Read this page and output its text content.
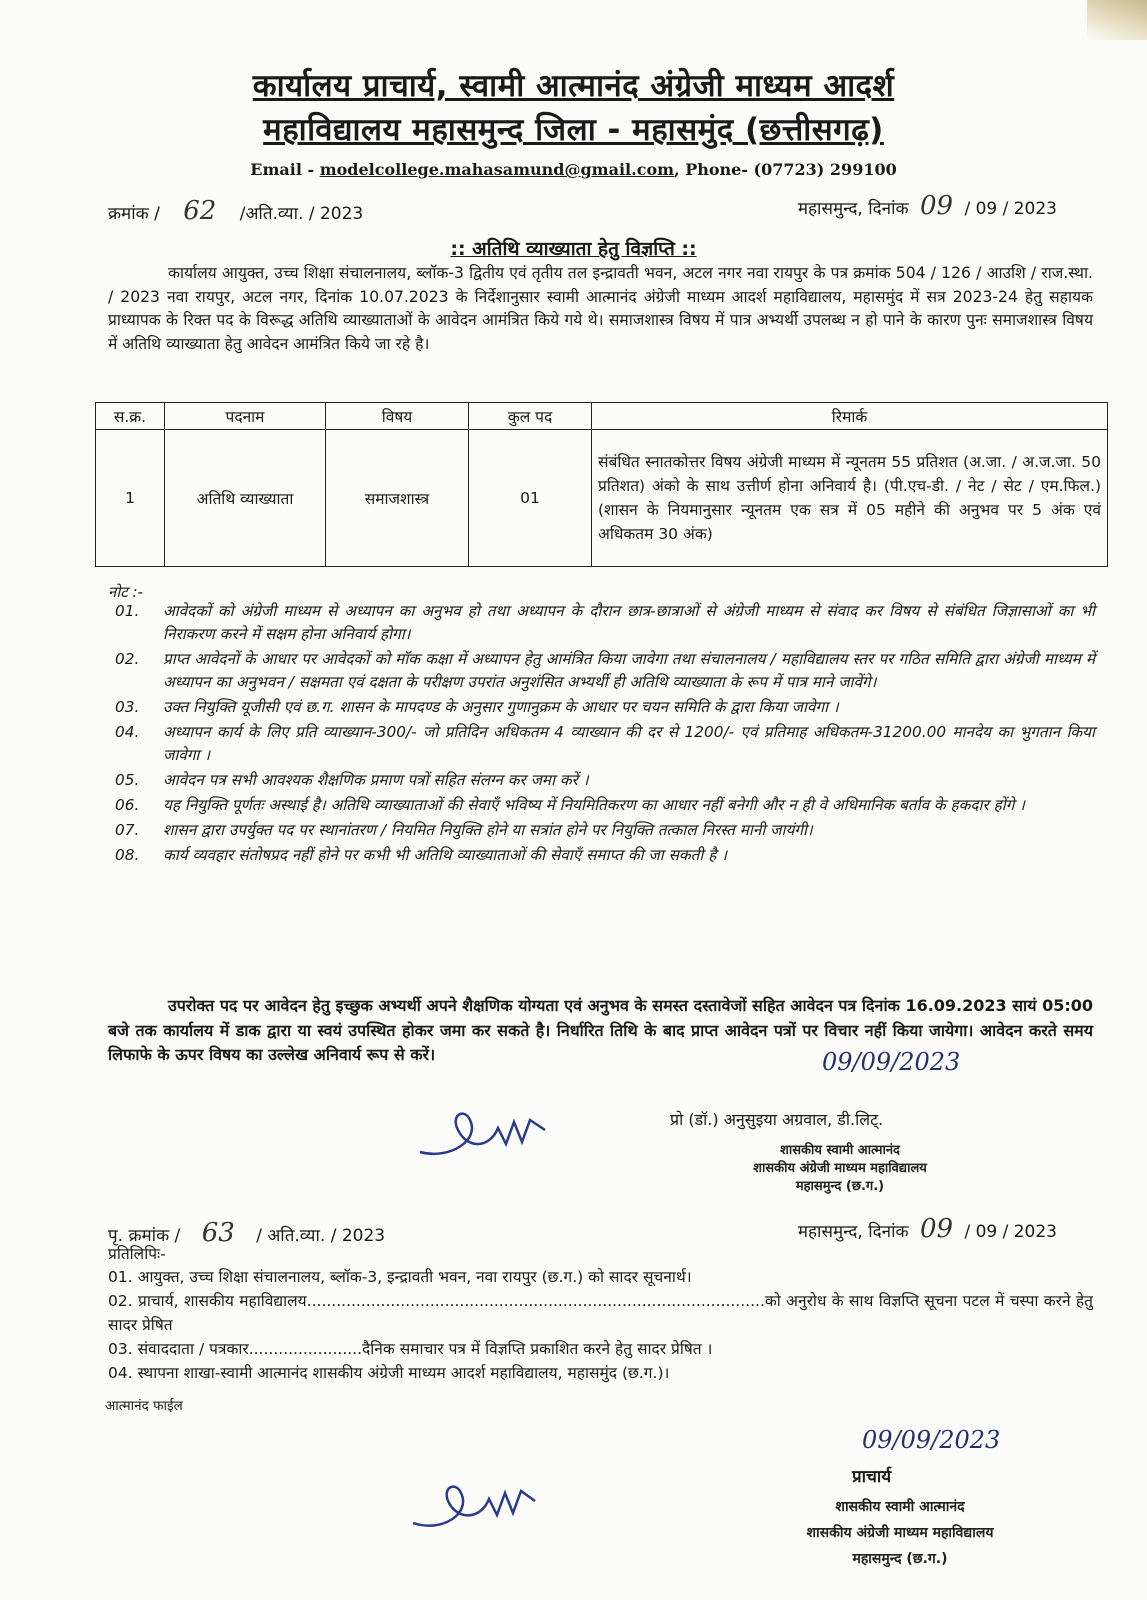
कार्यालय प्राचार्य, स्वामी आत्मानंद अंग्रेजी माध्यम आदर्श
महाविद्यालय महासमुन्द जिला - महासमुंद (छत्तीसगढ़)
Email - modelcollege.mahasamund@gmail.com, Phone- (07723) 299100
क्रमांक / 62 /अति.व्या. / 2023	महासमुन्द, दिनांक 09 / 09 / 2023
:: अतिथि व्याख्याता हेतु विज्ञप्ति ::
कार्यालय आयुक्त, उच्च शिक्षा संचालनालय, ब्लॉक-3 द्वितीय एवं तृतीय तल इन्द्रावती भवन, अटल नगर नवा रायपुर के पत्र क्रमांक 504 / 126 / आउशि / राज.स्था. / 2023 नवा रायपुर, अटल नगर, दिनांक 10.07.2023 के निर्देशानुसार स्वामी आत्मानंद अंग्रेजी माध्यम आदर्श महाविद्यालय, महासमुंद में सत्र 2023-24 हेतु सहायक प्राध्यापक के रिक्त पद के विरूद्ध अतिथि व्याख्याताओं के आवेदन आमंत्रित किये गये थे। समाजशास्त्र विषय में पात्र अभ्यर्थी उपलब्ध न हो पाने के कारण पुनः समाजशास्त्र विषय में अतिथि व्याख्याता हेतु आवेदन आमंत्रित किये जा रहे है।
स.क्र.	पदनाम	विषय	कुल पद	रिमार्क
1	अतिथि व्याख्याता	समाजशास्त्र	01	संबंधित स्नातकोत्तर विषय अंग्रेजी माध्यम में न्यूनतम 55 प्रतिशत (अ.जा. / अ.ज.जा. 50 प्रतिशत) अंको के साथ उत्तीर्ण होना अनिवार्य है। (पी.एच-डी. / नेट / सेट / एम.फिल.) (शासन के नियमानुसार न्यूनतम एक सत्र में 05 महीने की अनुभव पर 5 अंक एवं अधिकतम 30 अंक)
नोट :-
01.	आवेदकों को अंग्रेजी माध्यम से अध्यापन का अनुभव हो तथा अध्यापन के दौरान छात्र-छात्राओं से अंग्रेजी माध्यम से संवाद कर विषय से संबंधित जिज्ञासाओं का भी निराकरण करने में सक्षम होना अनिवार्य होगा।
02.	प्राप्त आवेदनों के आधार पर आवेदकों को मॉक कक्षा में अध्यापन हेतु आमंत्रित किया जावेगा तथा संचालनालय / महाविद्यालय स्तर पर गठित समिति द्वारा अंग्रेजी माध्यम में अध्यापन का अनुभवन / सक्षमता एवं दक्षता के परीक्षण उपरांत अनुशंसित अभ्यर्थी ही अतिथि व्याख्याता के रूप में पात्र माने जावेंगे।
03.	उक्त नियुक्ति यूजीसी एवं छ.ग. शासन के मापदण्ड के अनुसार गुणानुक्रम के आधार पर चयन समिति के द्वारा किया जावेगा ।
04.	अध्यापन कार्य के लिए प्रति व्याख्यान-300/- जो प्रतिदिन अधिकतम 4 व्याख्यान की दर से 1200/- एवं प्रतिमाह अधिकतम-31200.00 मानदेय का भुगतान किया जावेगा ।
05.	आवेदन पत्र सभी आवश्यक शैक्षणिक प्रमाण पत्रों सहित संलग्न कर जमा करें ।
06.	यह नियुक्ति पूर्णतः अस्थाई है। अतिथि व्याख्याताओं की सेवाएँ भविष्य में नियमितिकरण का आधार नहीं बनेगी और न ही वे अधिमानिक बर्ताव के हकदार होंगे ।
07.	शासन द्वारा उपर्युक्त पद पर स्थानांतरण / नियमित नियुक्ति होने या सत्रांत होने पर नियुक्ति तत्काल निरस्त मानी जायंगी।
08.	कार्य व्यवहार संतोषप्रद नहीं होने पर कभी भी अतिथि व्याख्याताओं की सेवाएँ समाप्त की जा सकती है ।
उपरोक्त पद पर आवेदन हेतु इच्छुक अभ्यर्थी अपने शैक्षणिक योग्यता एवं अनुभव के समस्त दस्तावेजों सहित आवेदन पत्र दिनांक 16.09.2023 सायं 05:00 बजे तक कार्यालय में डाक द्वारा या स्वयं उपस्थित होकर जमा कर सकते है। निर्धारित तिथि के बाद प्राप्त आवेदन पत्रों पर विचार नहीं किया जायेगा। आवेदन करते समय लिफाफे के ऊपर विषय का उल्लेख अनिवार्य रूप से करें।	09/09/2023
प्रो (डॉ.) अनुसुइया अग्रवाल, डी.लिट्.
शासकीय स्वामी आत्मानंद
शासकीय अंग्रेजी माध्यम महाविद्यालय
महासमुन्द (छ.ग.)
पृ. क्रमांक / 63 / अति.व्या. / 2023	महासमुन्द, दिनांक 09 / 09 / 2023
प्रतिलिपिः-
01. आयुक्त, उच्च शिक्षा संचालनालय, ब्लॉक-3, इन्द्रावती भवन, नवा रायपुर (छ.ग.) को सादर सूचनार्थ।
02. प्राचार्य, शासकीय महाविद्यालय.............................................................................................को अनुरोध के साथ विज्ञप्ति सूचना पटल में चस्पा करने हेतु सादर प्रेषित
03. संवाददाता / पत्रकार.......................दैनिक समाचार पत्र में विज्ञप्ति प्रकाशित करने हेतु सादर प्रेषित ।
04. स्थापना शाखा-स्वामी आत्मानंद शासकीय अंग्रेजी माध्यम आदर्श महाविद्यालय, महासमुंद (छ.ग.)।
आत्मानंद फाईल
09/09/2023
प्राचार्य
शासकीय स्वामी आत्मानंद
शासकीय अंग्रेजी माध्यम महाविद्यालय
महासमुन्द (छ.ग.)
